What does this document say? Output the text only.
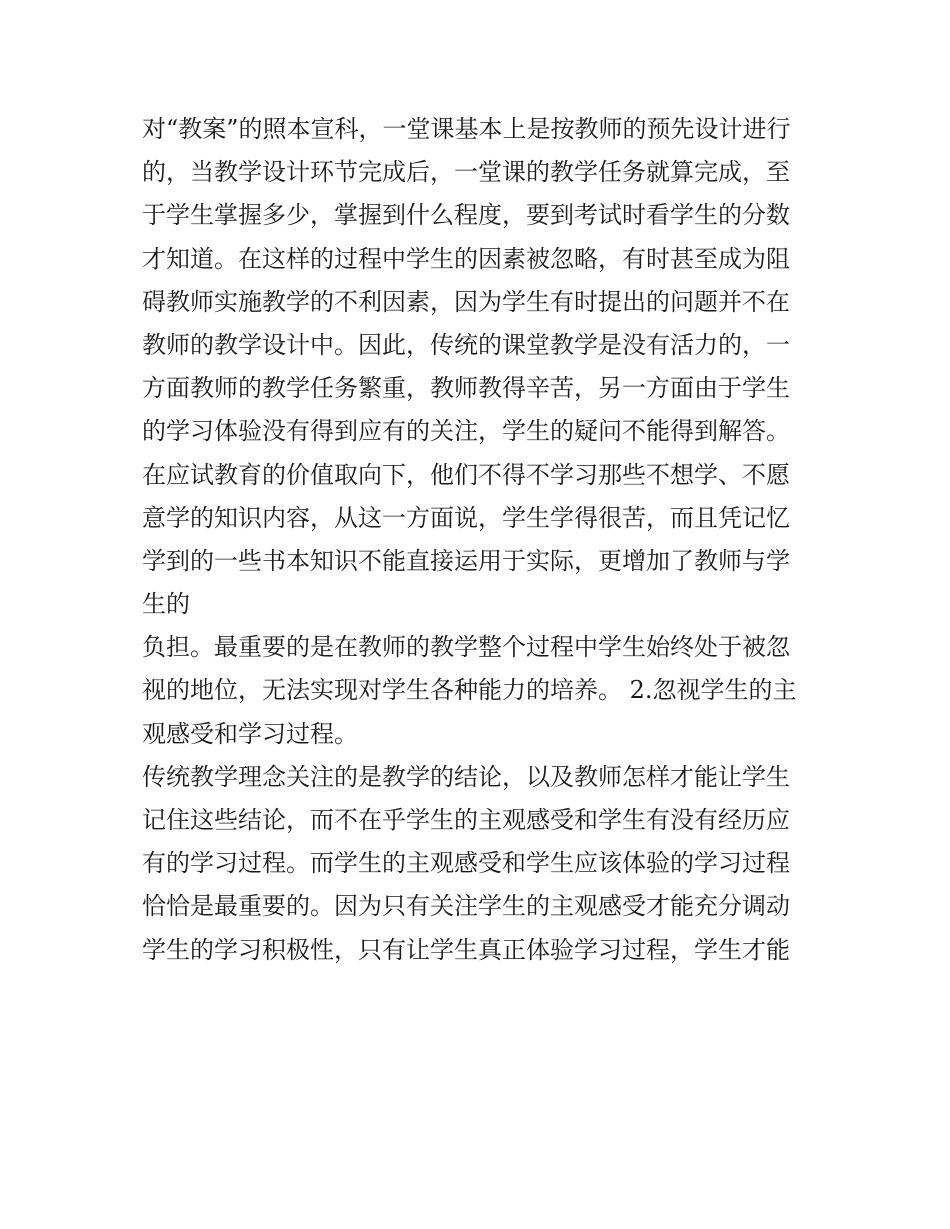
对“教案”的照本宣科，一堂课基本上是按教师的预先设计进行
的，当教学设计环节完成后，一堂课的教学任务就算完成，至
于学生掌握多少，掌握到什么程度，要到考试时看学生的分数
才知道。在这样的过程中学生的因素被忽略，有时甚至成为阻
碍教师实施教学的不利因素，因为学生有时提出的问题并不在
教师的教学设计中。因此，传统的课堂教学是没有活力的，一
方面教师的教学任务繁重，教师教得辛苦，另一方面由于学生
的学习体验没有得到应有的关注，学生的疑问不能得到解答。
在应试教育的价值取向下，他们不得不学习那些不想学、不愿
意学的知识内容，从这一方面说，学生学得很苦，而且凭记忆
学到的一些书本知识不能直接运用于实际，更增加了教师与学
生的
负担。最重要的是在教师的教学整个过程中学生始终处于被忽
视的地位，无法实现对学生各种能力的培养。 2.忽视学生的主
观感受和学习过程。
传统教学理念关注的是教学的结论，以及教师怎样才能让学生
记住这些结论，而不在乎学生的主观感受和学生有没有经历应
有的学习过程。而学生的主观感受和学生应该体验的学习过程
恰恰是最重要的。因为只有关注学生的主观感受才能充分调动
学生的学习积极性，只有让学生真正体验学习过程，学生才能
